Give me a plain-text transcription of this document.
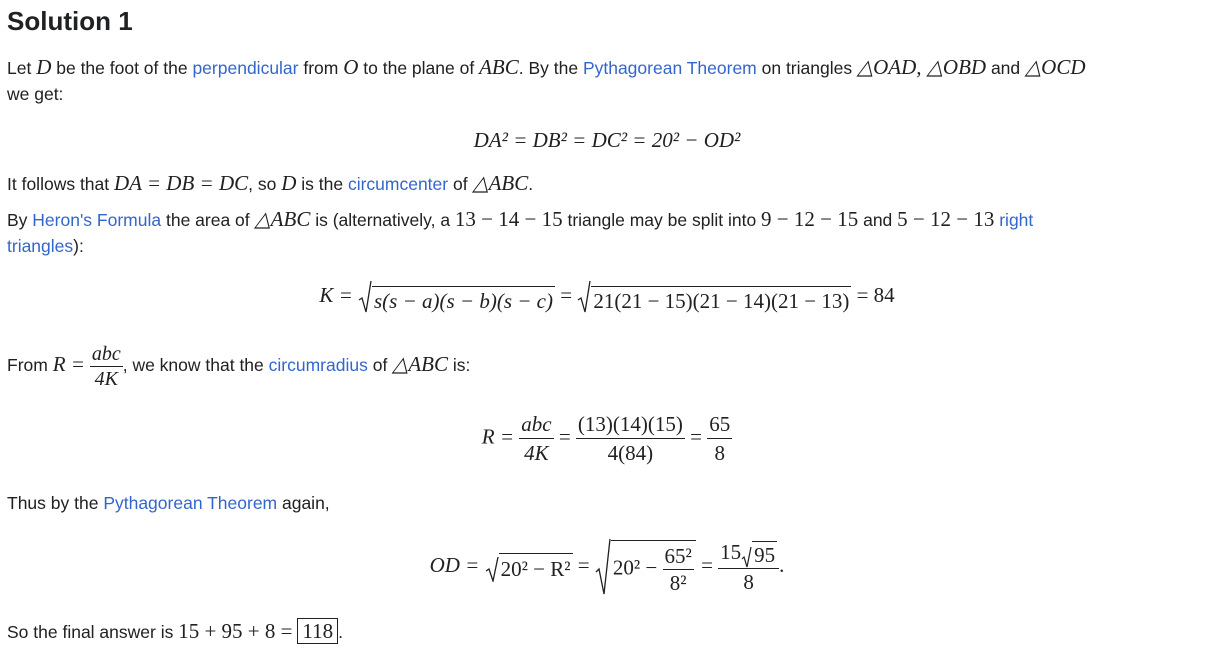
Solution 1
Let D be the foot of the perpendicular from O to the plane of ABC. By the Pythagorean Theorem on triangles △OAD, △OBD and △OCD
we get:
DA² = DB² = DC² = 20² − OD²
It follows that DA = DB = DC, so D is the circumcenter of △ABC.
By Heron's Formula the area of △ABC is (alternatively, a 13 − 14 − 15 triangle may be split into 9 − 12 − 15 and 5 − 12 − 13 right
triangles):
K = s(s − a)(s − b)(s − c) = 21(21 − 15)(21 − 14)(21 − 13) = 84
From $R = \frac{\text{abc}}{4K}$ , we know that the circumradius of △ABC is:
$R = \frac{\text{abc}}{4K} = \frac{(13)(14)(15)}{4(84)} = \frac{65}{8}$
Thus by the Pythagorean Theorem again,
OD = $20^2 - R^2 = 20^2 - \frac{\text{65²}}{\text{8²}} = \frac{15 95}{8}$ .
So the final answer is 15 + 95 + 8 = 118 .
